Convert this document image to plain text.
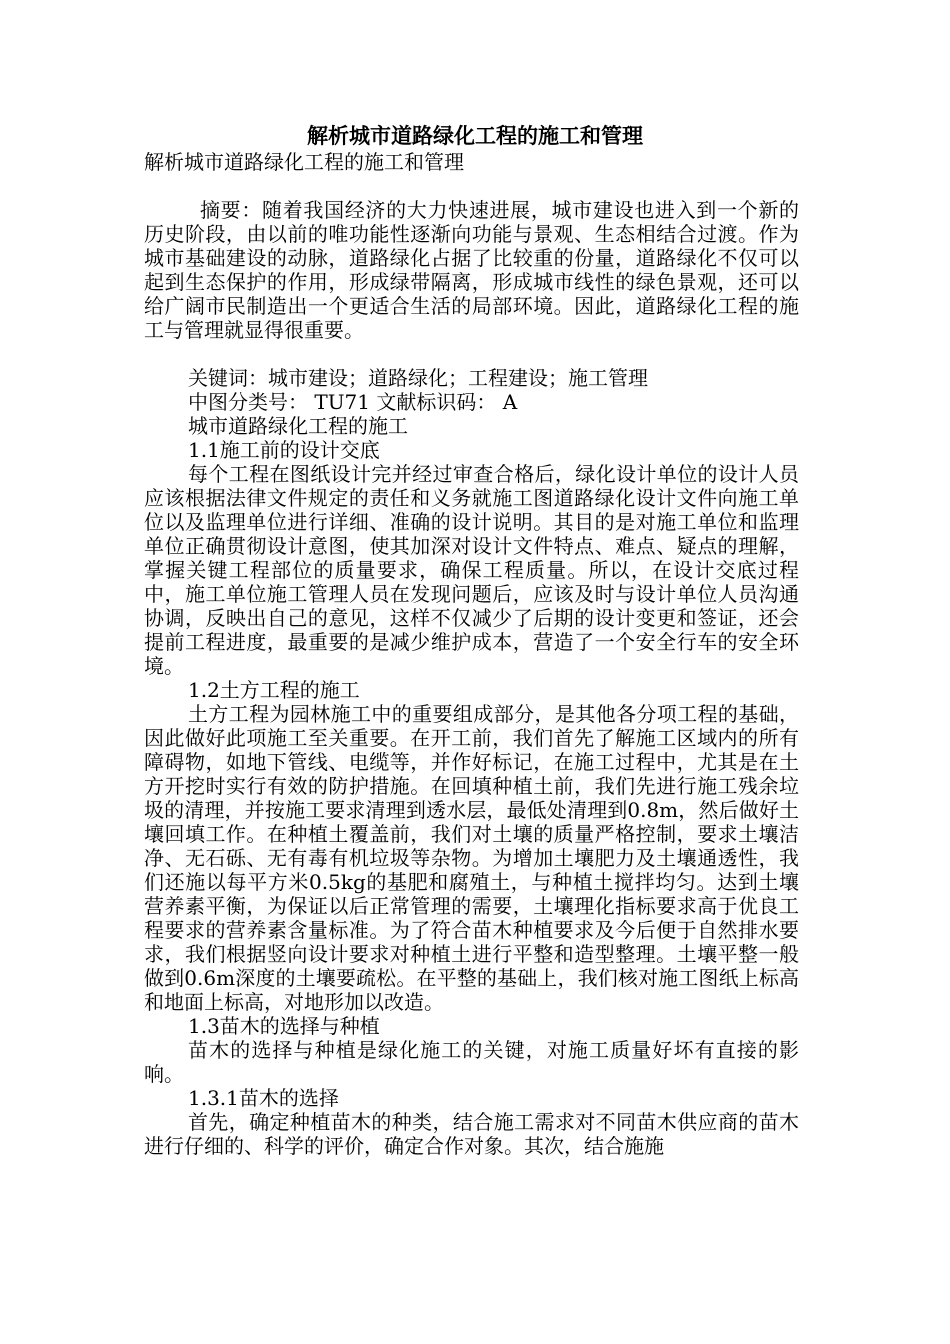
解析城市道路绿化工程的施工和管理

解析城市道路绿化工程的施工和管理

摘要：随着我国经济的大力快速进展，城市建设也进入到一个新的历史阶段，由以前的唯功能性逐渐向功能与景观、生态相结合过渡。作为城市基础建设的动脉，道路绿化占据了比较重的份量，道路绿化不仅可以起到生态保护的作用，形成绿带隔离，形成城市线性的绿色景观，还可以给广阔市民制造出一个更适合生活的局部环境。因此，道路绿化工程的施工与管理就显得很重要。

关键词：城市建设；道路绿化；工程建设；施工管理

中图分类号： TU71 文献标识码： A

城市道路绿化工程的施工

1.1施工前的设计交底

每个工程在图纸设计完并经过审查合格后，绿化设计单位的设计人员应该根据法律文件规定的责任和义务就施工图道路绿化设计文件向施工单位以及监理单位进行详细、准确的设计说明。其目的是对施工单位和监理单位正确贯彻设计意图，使其加深对设计文件特点、难点、疑点的理解，掌握关键工程部位的质量要求，确保工程质量。所以，在设计交底过程中，施工单位施工管理人员在发现问题后，应该及时与设计单位人员沟通协调，反映出自己的意见，这样不仅减少了后期的设计变更和签证，还会提前工程进度，最重要的是减少维护成本，营造了一个安全行车的安全环境。

1.2土方工程的施工

土方工程为园林施工中的重要组成部分，是其他各分项工程的基础，因此做好此项施工至关重要。在开工前，我们首先了解施工区域内的所有障碍物，如地下管线、电缆等，并作好标记，在施工过程中，尤其是在土方开挖时实行有效的防护措施。在回填种植土前，我们先进行施工残余垃圾的清理，并按施工要求清理到透水层，最低处清理到0.8m，然后做好土壤回填工作。在种植土覆盖前，我们对土壤的质量严格控制，要求土壤洁净、无石砾、无有毒有机垃圾等杂物。为增加土壤肥力及土壤通透性，我们还施以每平方米0.5kg的基肥和腐殖土，与种植土搅拌均匀。达到土壤营养素平衡，为保证以后正常管理的需要，土壤理化指标要求高于优良工程要求的营养素含量标准。为了符合苗木种植要求及今后便于自然排水要求，我们根据竖向设计要求对种植土进行平整和造型整理。土壤平整一般做到0.6m深度的土壤要疏松。在平整的基础上，我们核对施工图纸上标高和地面上标高，对地形加以改造。

1.3苗木的选择与种植

苗木的选择与种植是绿化施工的关键，对施工质量好坏有直接的影响。

1.3.1苗木的选择

首先，确定种植苗木的种类，结合施工需求对不同苗木供应商的苗木进行仔细的、科学的评价，确定合作对象。其次，结合施施
